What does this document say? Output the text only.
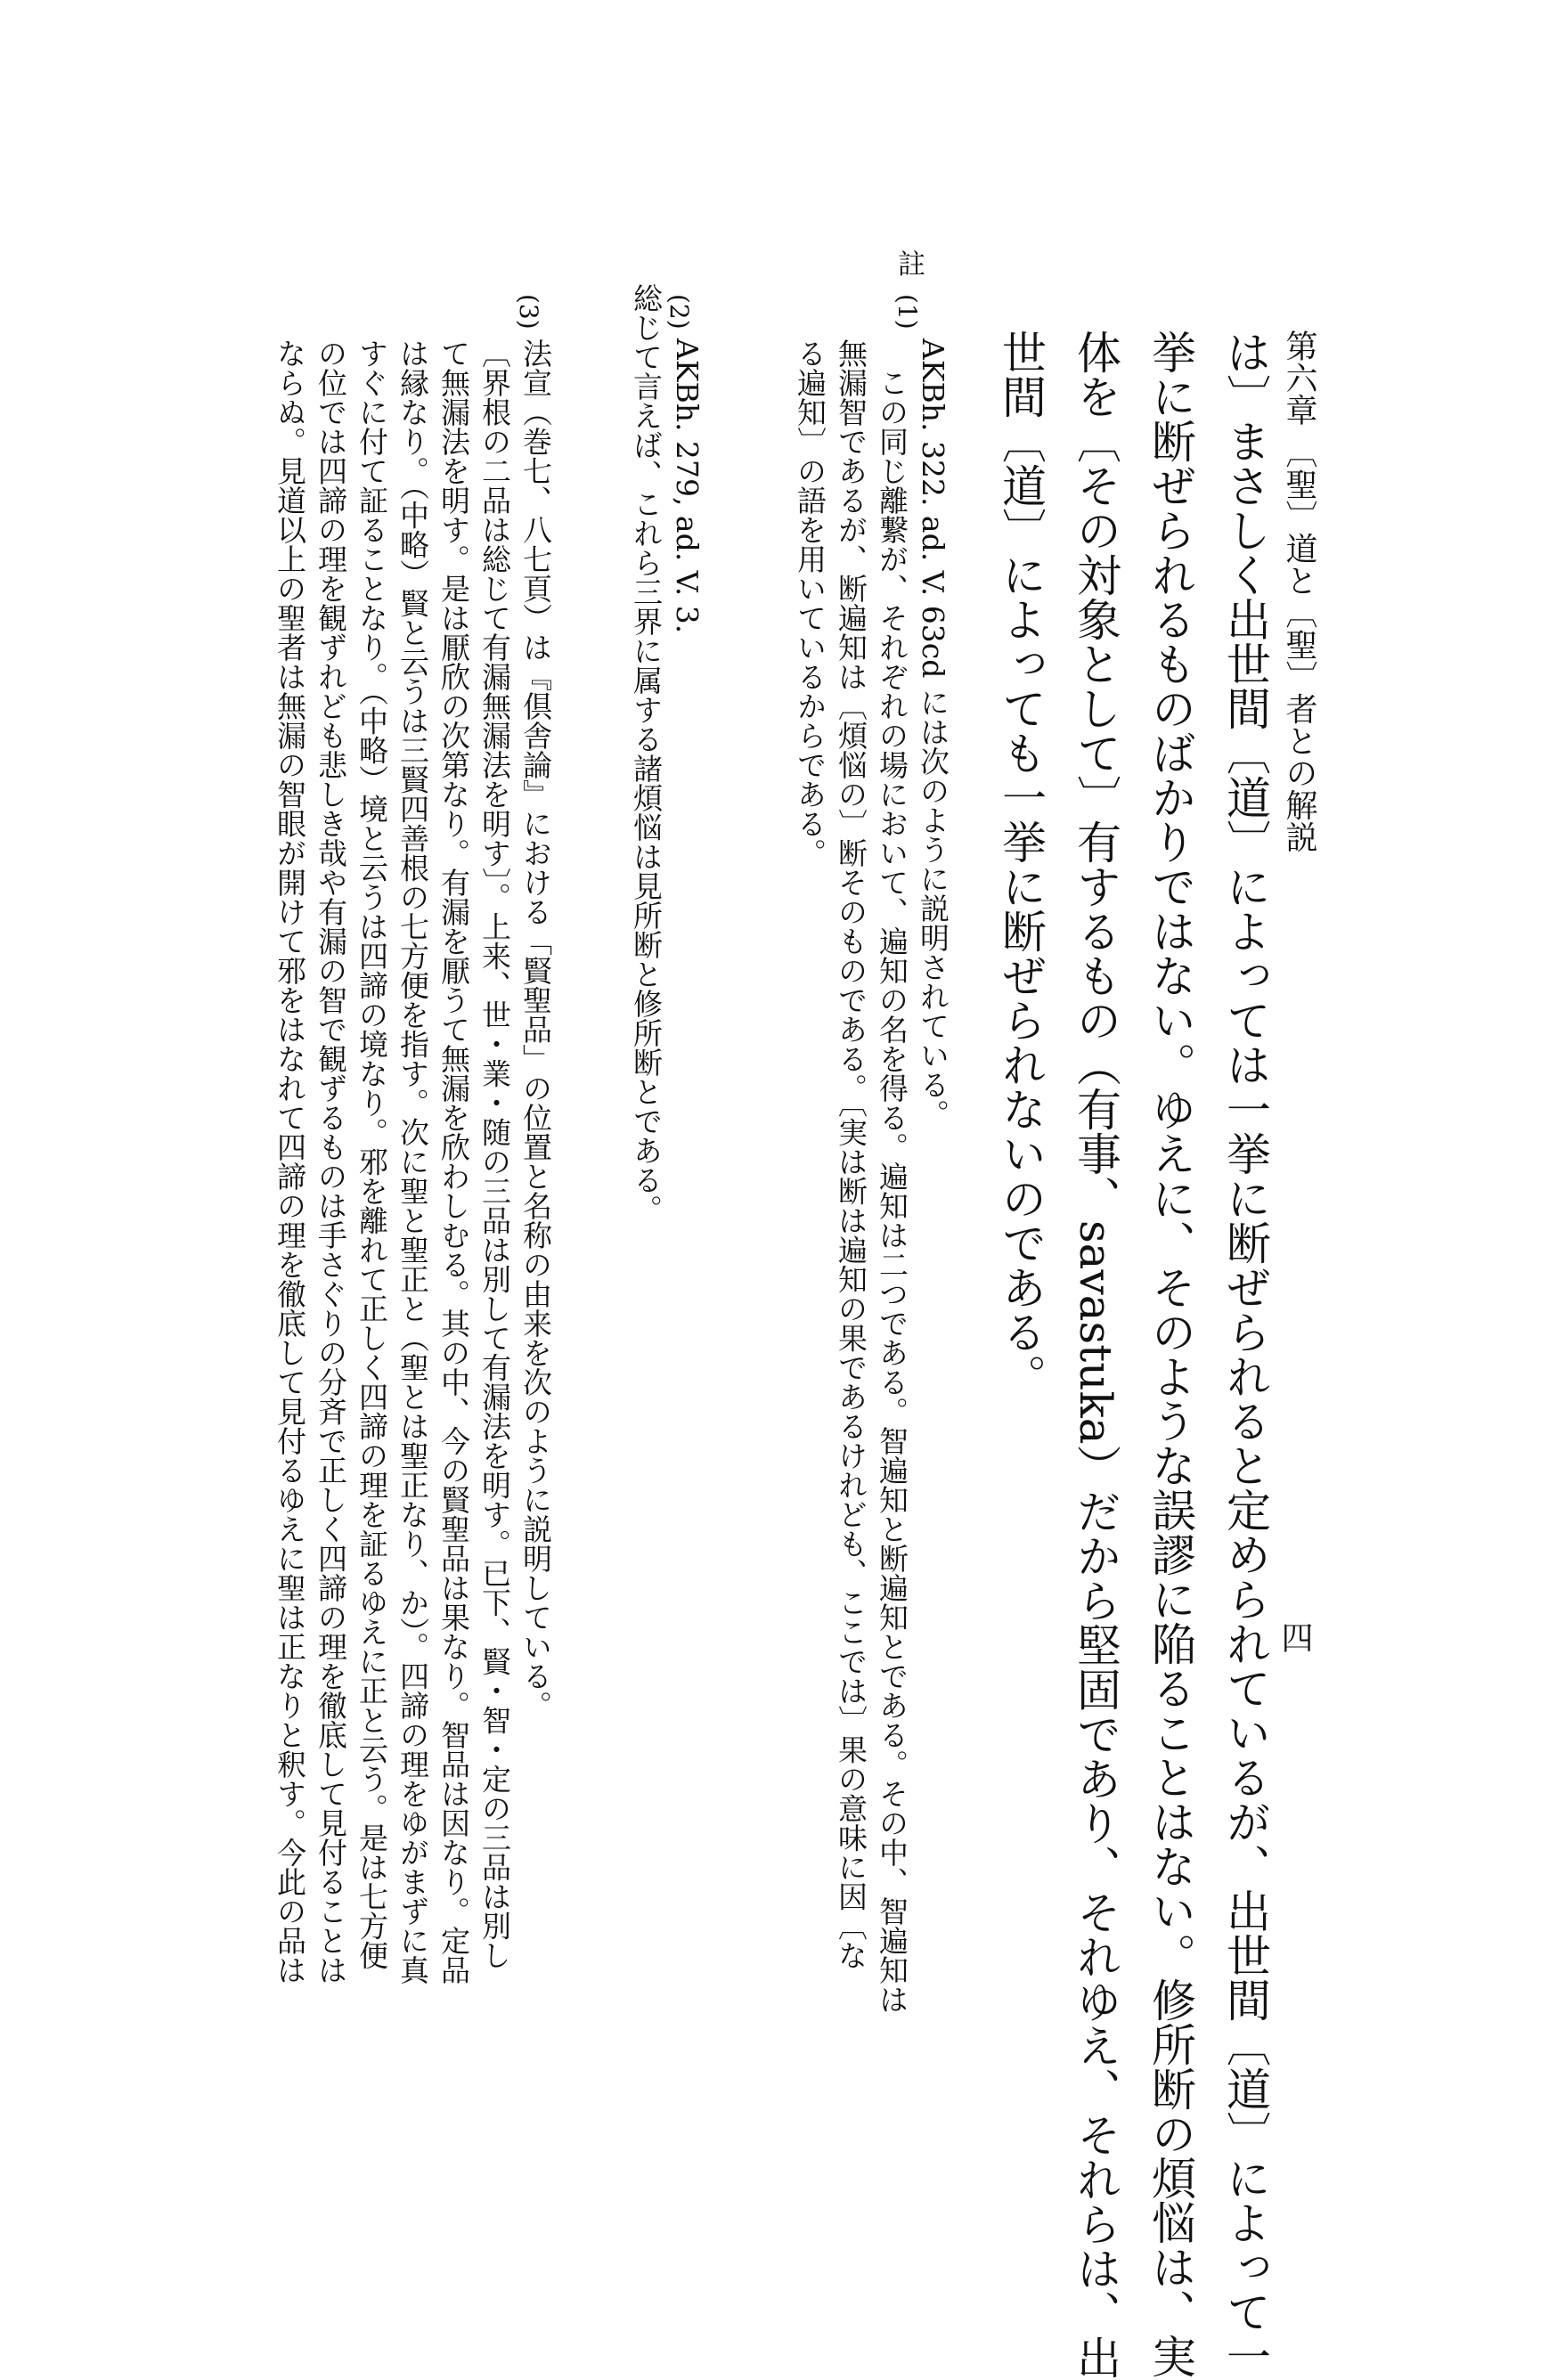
第六章 〔聖〕道と〔聖〕者との解説
四

は〕まさしく出世間〔道〕によっては一挙に断ぜられると定められているが、出世間〔道〕によって一

挙に断ぜられるものばかりではない。ゆえに、そのような誤謬に陥ることはない。修所断の煩悩は、実

体を〔その対象として〕有するもの（有事、savastuka）だから堅固であり、それゆえ、それらは、出

世間〔道〕によっても一挙に断ぜられないのである。

註
(1)

AKBh. 322. ad. V. 63cd には次のように説明されている。

この同じ離繋が、それぞれの場において、遍知の名を得る。遍知は二つである。智遍知と断遍知とである。その中、智遍知は

無漏智であるが、断遍知は〔煩悩の〕断そのものである。〔実は断は遍知の果であるけれども、ここでは〕果の意味に因〔な

る遍知〕の語を用いているからである。

(2)

AKBh. 279, ad. V. 3.

総じて言えば、これら三界に属する諸煩悩は見所断と修所断とである。

(3)

法宣（巻七、八七頁）は『倶舎論』における「賢聖品」の位置と名称の由来を次のように説明している。

〔界根の二品は総じて有漏無漏法を明す〕。上来、世・業・随の三品は別して有漏法を明す。已下、賢・智・定の三品は別し

て無漏法を明す。是は厭欣の次第なり。有漏を厭うて無漏を欣わしむる。其の中、今の賢聖品は果なり。智品は因なり。定品

は縁なり。（中略）賢と云うは三賢四善根の七方便を指す。次に聖と聖正と（聖とは聖正なり、か）。四諦の理をゆがまずに真

すぐに付て証ることなり。（中略）境と云うは四諦の境なり。邪を離れて正しく四諦の理を証るゆえに正と云う。是は七方便

の位では四諦の理を観ずれども悲しき哉や有漏の智で観ずるものは手さぐりの分斉で正しく四諦の理を徹底して見付ることは

ならぬ。見道以上の聖者は無漏の智眼が開けて邪をはなれて四諦の理を徹底して見付るゆえに聖は正なりと釈す。今此の品は
